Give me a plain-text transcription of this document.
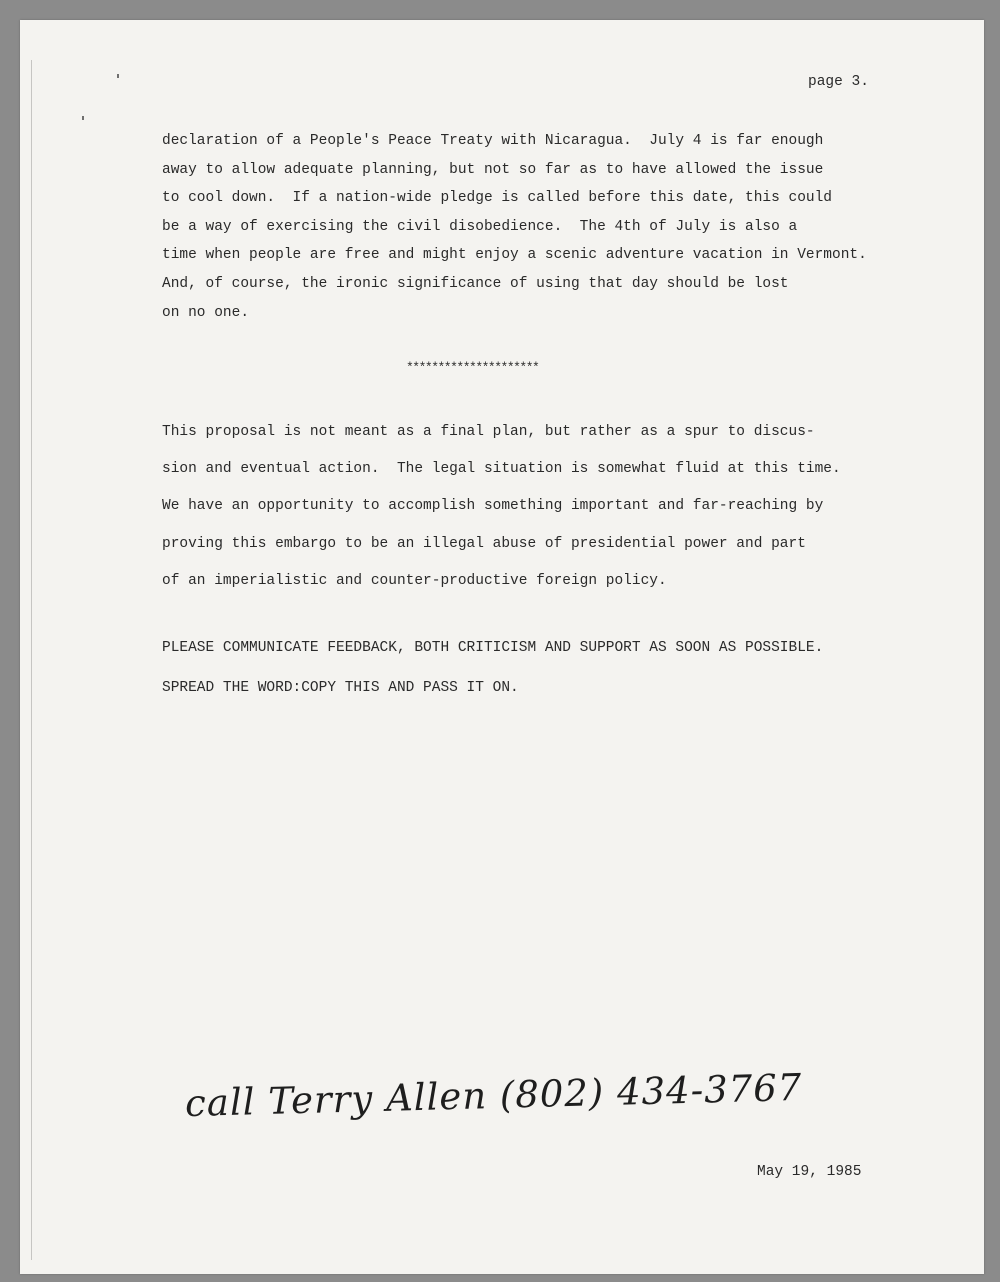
page 3.
declaration of a People's Peace Treaty with Nicaragua.  July 4 is far enough
away to allow adequate planning, but not so far as to have allowed the issue
to cool down.  If a nation-wide pledge is called before this date, this could
be a way of exercising the civil disobedience.  The 4th of July is also a
time when people are free and might enjoy a scenic adventure vacation in Vermont.
And, of course, the ironic significance of using that day should be lost
on no one.
*********************
This proposal is not meant as a final plan, but rather as a spur to discus-
sion and eventual action.  The legal situation is somewhat fluid at this time.
We have an opportunity to accomplish something important and far-reaching by
proving this embargo to be an illegal abuse of presidential power and part
of an imperialistic and counter-productive foreign policy.
PLEASE COMMUNICATE FEEDBACK, BOTH CRITICISM AND SUPPORT AS SOON AS POSSIBLE.
SPREAD THE WORD:COPY THIS AND PASS IT ON.
call Terry Allen (802) 434-3767
May 19, 1985
